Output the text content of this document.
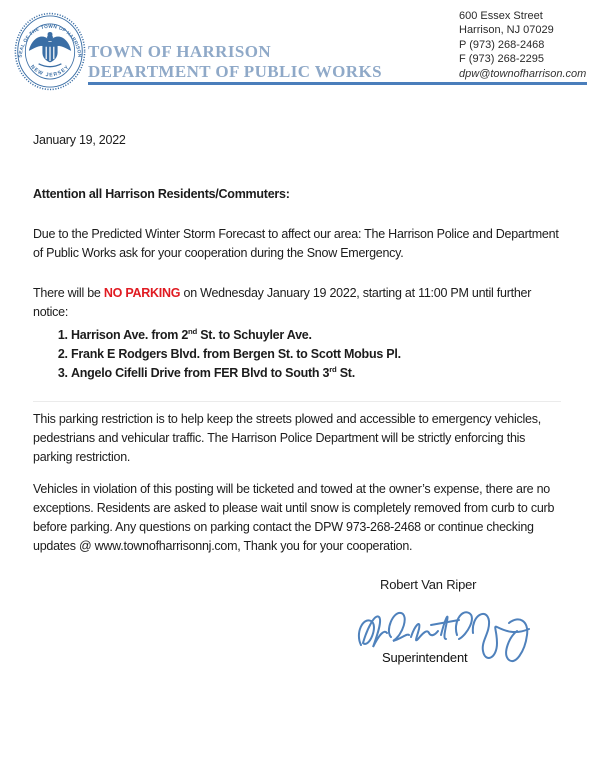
SEAL OF THE TOWN OF HARRISON
NEW JERSEY
TOWN OF HARRISON
DEPARTMENT OF PUBLIC WORKS
600 Essex Street
Harrison, NJ 07029
P (973) 268-2468
F (973) 268-2295
dpw@townofharrison.com
January 19, 2022
Attention all Harrison Residents/Commuters:

Due to the Predicted Winter Storm Forecast to affect our area: The Harrison Police and Department of Public Works ask for your cooperation during the Snow Emergency.

There will be NO PARKING on Wednesday January 19 2022, starting at 11:00 PM until further notice:

1. Harrison Ave. from 2nd St. to Schuyler Ave.
2. Frank E Rodgers Blvd. from Bergen St. to Scott Mobus Pl.
3. Angelo Cifelli Drive from FER Blvd to South 3rd St.

This parking restriction is to help keep the streets plowed and accessible to emergency vehicles, pedestrians and vehicular traffic. The Harrison Police Department will be strictly enforcing this parking restriction.

Vehicles in violation of this posting will be ticketed and towed at the owner’s expense, there are no exceptions. Residents are asked to please wait until snow is completely removed from curb to curb before parking. Any questions on parking contact the DPW 973-268-2468 or continue checking updates @ www.townofharrisonnj.com, Thank you for your cooperation.

Robert Van Riper
Superintendent
